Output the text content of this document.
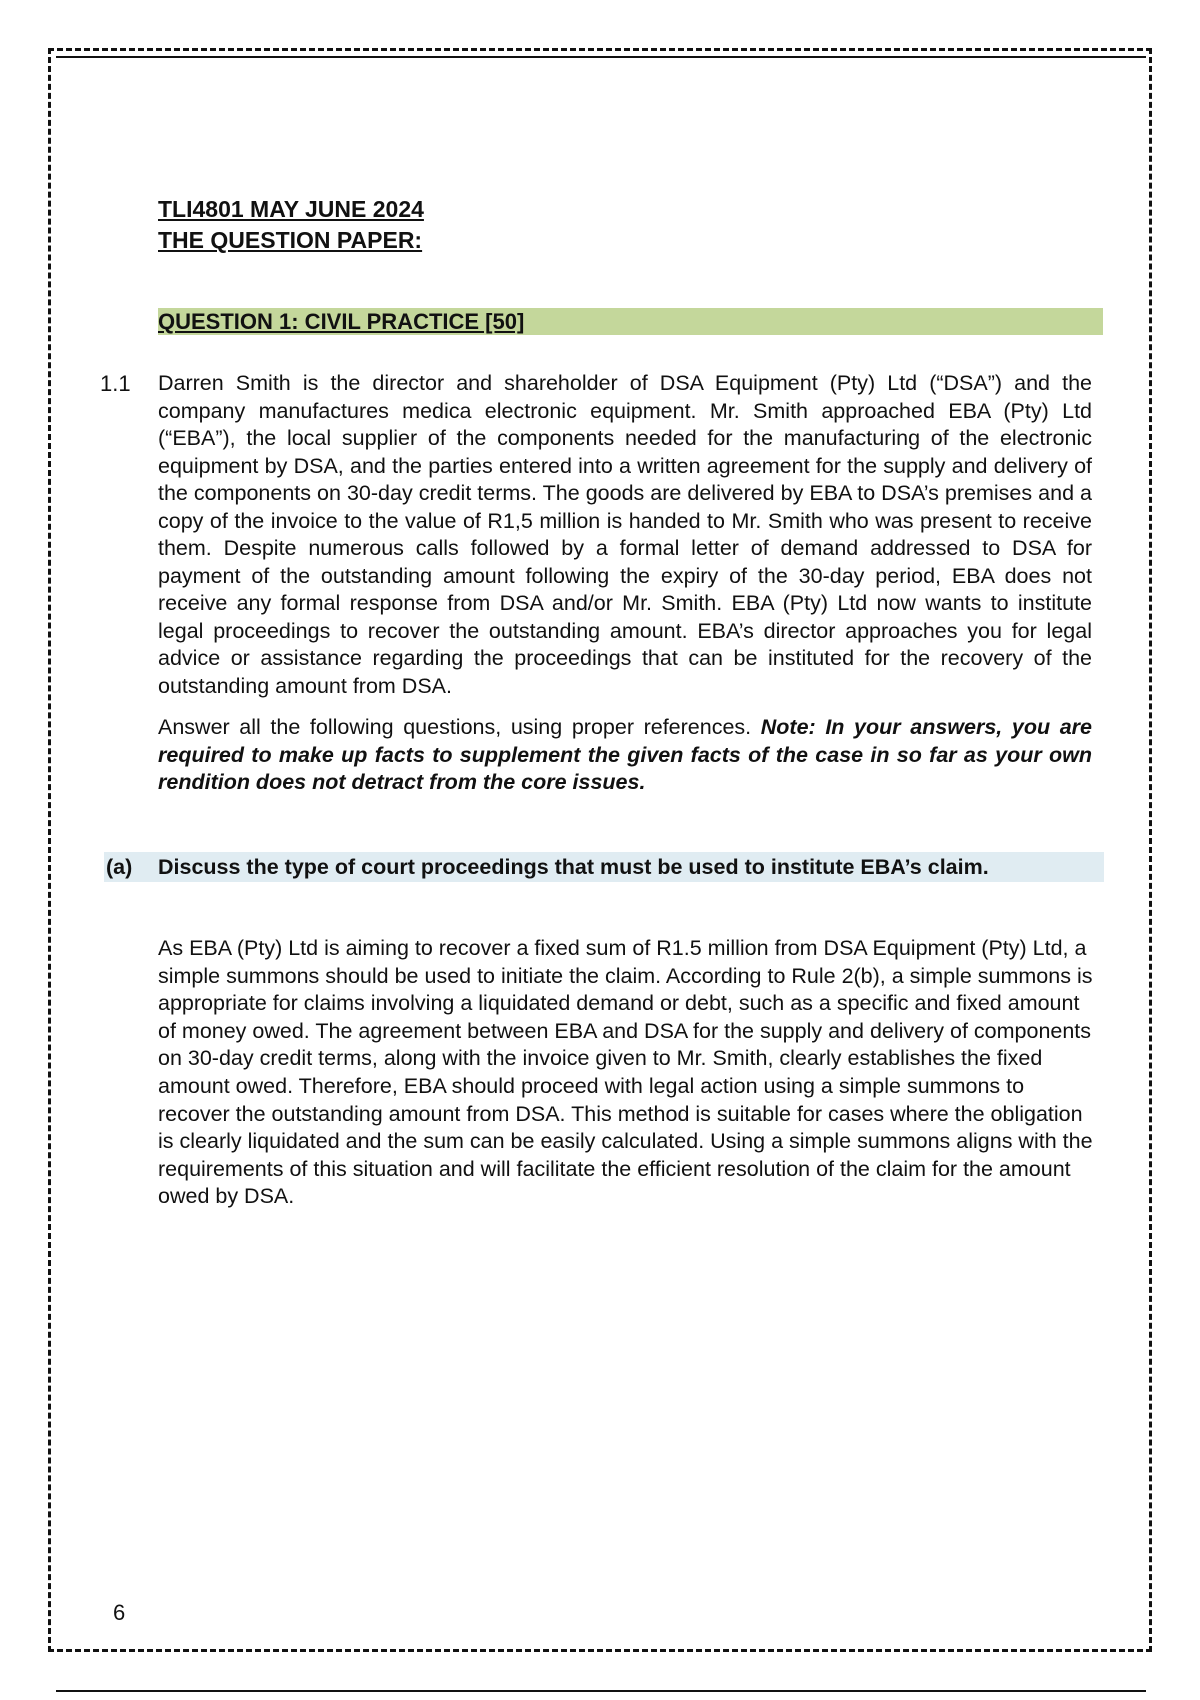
TLI4801 MAY JUNE 2024
THE QUESTION PAPER:
QUESTION 1: CIVIL PRACTICE [50]
1.1 Darren Smith is the director and shareholder of DSA Equipment (Pty) Ltd (“DSA”) and the company manufactures medica electronic equipment. Mr. Smith approached EBA (Pty) Ltd (“EBA”), the local supplier of the components needed for the manufacturing of the electronic equipment by DSA, and the parties entered into a written agreement for the supply and delivery of the components on 30-day credit terms. The goods are delivered by EBA to DSA’s premises and a copy of the invoice to the value of R1,5 million is handed to Mr. Smith who was present to receive them. Despite numerous calls followed by a formal letter of demand addressed to DSA for payment of the outstanding amount following the expiry of the 30-day period, EBA does not receive any formal response from DSA and/or Mr. Smith. EBA (Pty) Ltd now wants to institute legal proceedings to recover the outstanding amount. EBA’s director approaches you for legal advice or assistance regarding the proceedings that can be instituted for the recovery of the outstanding amount from DSA.

Answer all the following questions, using proper references. Note: In your answers, you are required to make up facts to supplement the given facts of the case in so far as your own rendition does not detract from the core issues.

(a) Discuss the type of court proceedings that must be used to institute EBA’s claim.
As EBA (Pty) Ltd is aiming to recover a fixed sum of R1.5 million from DSA Equipment (Pty) Ltd, a simple summons should be used to initiate the claim. According to Rule 2(b), a simple summons is appropriate for claims involving a liquidated demand or debt, such as a specific and fixed amount of money owed. The agreement between EBA and DSA for the supply and delivery of components on 30-day credit terms, along with the invoice given to Mr. Smith, clearly establishes the fixed amount owed. Therefore, EBA should proceed with legal action using a simple summons to recover the outstanding amount from DSA. This method is suitable for cases where the obligation is clearly liquidated and the sum can be easily calculated. Using a simple summons aligns with the requirements of this situation and will facilitate the efficient resolution of the claim for the amount owed by DSA.
6
